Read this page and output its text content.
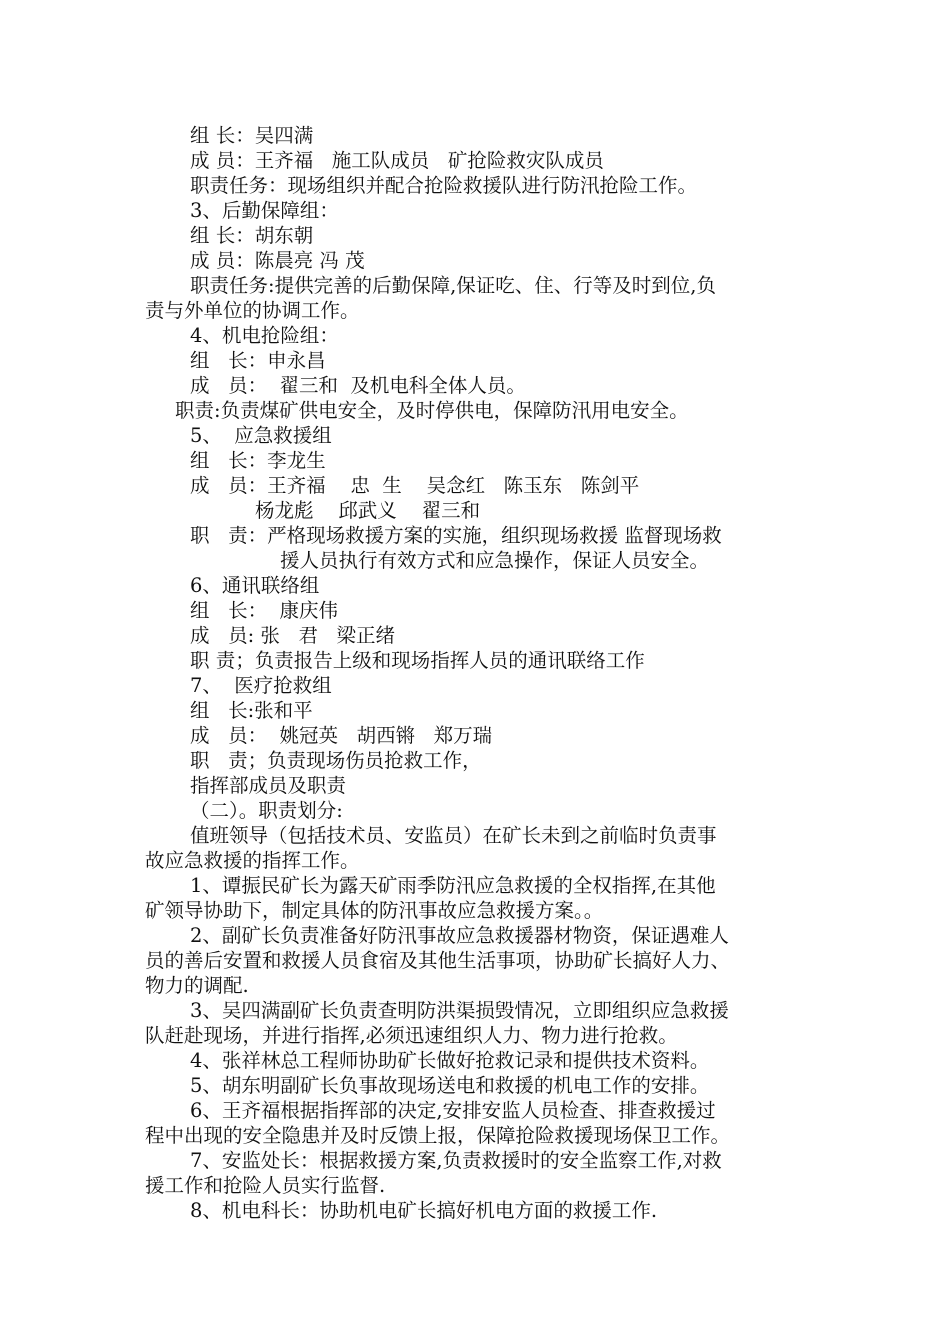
组 长：吴四满
成 员：王齐福   施工队成员   矿抢险救灾队成员
职责任务：现场组织并配合抢险救援队进行防汛抢险工作。
3、后勤保障组：
组 长：胡东朝
成 员：陈晨亮 冯 茂
职责任务:提供完善的后勤保障,保证吃、住、行等及时到位,负
责与外单位的协调工作。
4、机电抢险组：
组   长：申永昌
成   员：  翟三和  及机电科全体人员。
职责:负责煤矿供电安全，及时停供电，保障防汛用电安全。
5、  应急救援组
组   长：李龙生
成   员：王齐福    忠  生    吴念红   陈玉东   陈剑平
杨龙彪    邱武义    翟三和
职   责：严格现场救援方案的实施，组织现场救援 监督现场救
援人员执行有效方式和应急操作，保证人员安全。
6、通讯联络组
组   长：  康庆伟
成   员: 张   君   梁正绪
职 责；负责报告上级和现场指挥人员的通讯联络工作
7、  医疗抢救组
组   长:张和平
成   员：  姚冠英   胡西锵   郑万瑞
职   责；负责现场伤员抢救工作，
指挥部成员及职责
（二）。职责划分:
值班领导（包括技术员、安监员）在矿长未到之前临时负责事
故应急救援的指挥工作。
1、谭振民矿长为露天矿雨季防汛应急救援的全权指挥,在其他
矿领导协助下，制定具体的防汛事故应急救援方案。。
2、副矿长负责准备好防汛事故应急救援器材物资，保证遇难人
员的善后安置和救援人员食宿及其他生活事项，协助矿长搞好人力、
物力的调配.
3、吴四满副矿长负责查明防洪渠损毁情况，立即组织应急救援
队赶赴现场，并进行指挥,必须迅速组织人力、物力进行抢救。
4、张祥林总工程师协助矿长做好抢救记录和提供技术资料。
5、胡东明副矿长负事故现场送电和救援的机电工作的安排。
6、王齐福根据指挥部的决定,安排安监人员检查、排查救援过
程中出现的安全隐患并及时反馈上报，保障抢险救援现场保卫工作。
7、安监处长：根据救援方案,负责救援时的安全监察工作,对救
援工作和抢险人员实行监督.
8、机电科长：协助机电矿长搞好机电方面的救援工作.
